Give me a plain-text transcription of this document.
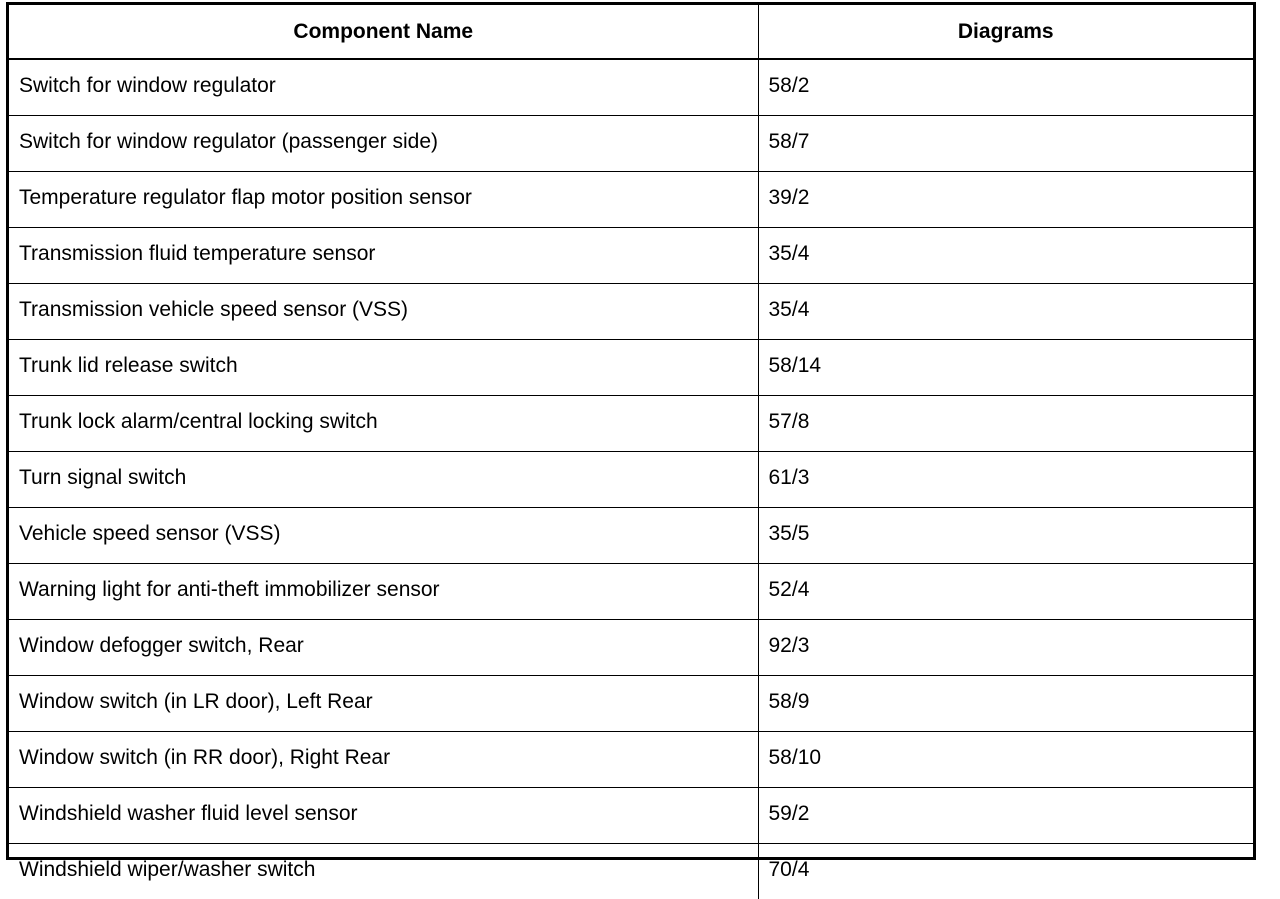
Component Name	Diagrams
Switch for window regulator	58/2
Switch for window regulator (passenger side)	58/7
Temperature regulator flap motor position sensor	39/2
Transmission fluid temperature sensor	35/4
Transmission vehicle speed sensor (VSS)	35/4
Trunk lid release switch	58/14
Trunk lock alarm/central locking switch	57/8
Turn signal switch	61/3
Vehicle speed sensor (VSS)	35/5
Warning light for anti-theft immobilizer sensor	52/4
Window defogger switch, Rear	92/3
Window switch (in LR door), Left Rear	58/9
Window switch (in RR door), Right Rear	58/10
Windshield washer fluid level sensor	59/2
Windshield wiper/washer switch	70/4
